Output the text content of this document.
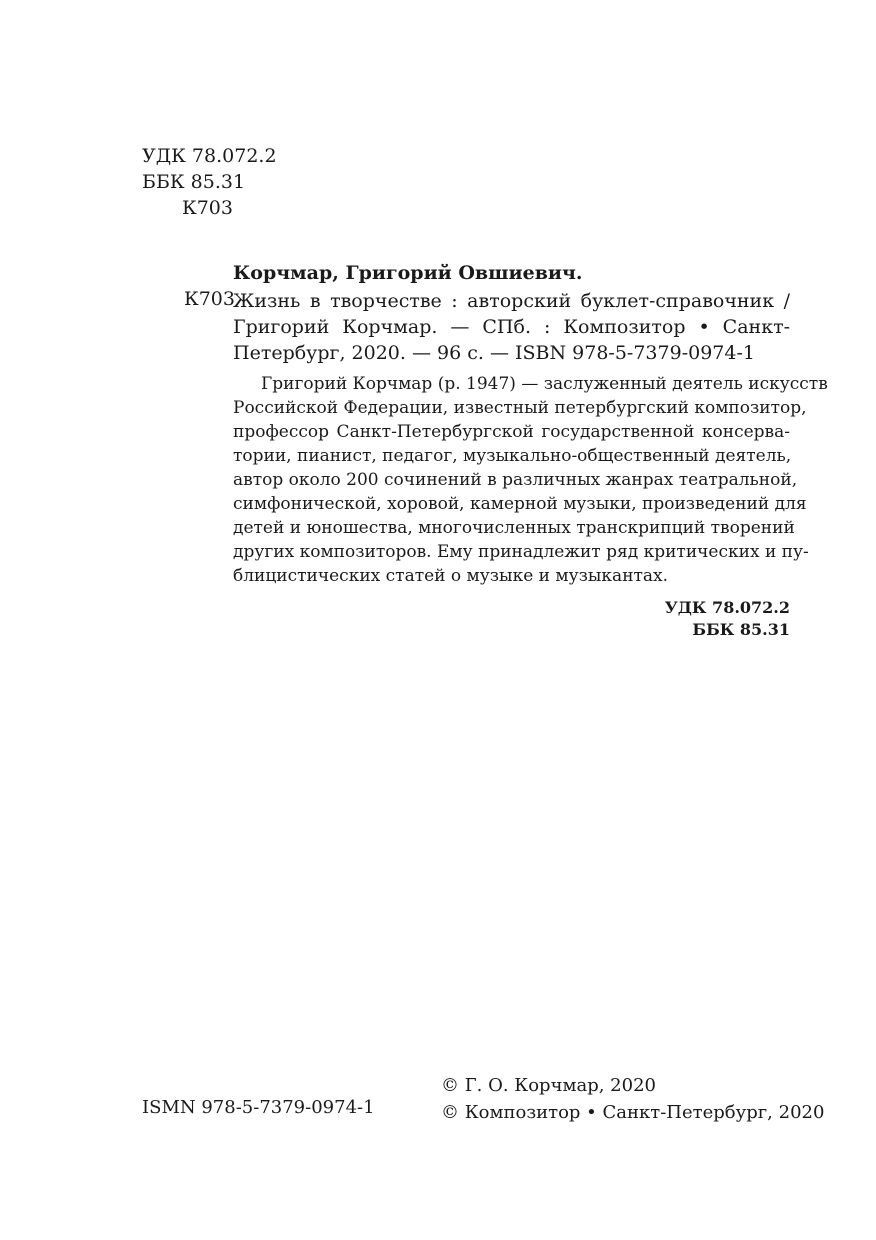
УДК 78.072.2
ББК 85.31
К703
Корчмар, Григорий Овшиевич.
К703
Жизнь в творчестве : авторский буклет-справочник /
Григорий Корчмар. — СПб. : Композитор • Санкт-
Петербург, 2020. — 96 с. — ISBN 978-5-7379-0974-1
Григорий Корчмар (р. 1947) — заслуженный деятель искусств
Российской Федерации, известный петербургский композитор,
профессор Санкт-Петербургской государственной консерва-
тории, пианист, педагог, музыкально-общественный деятель,
автор около 200 сочинений в различных жанрах театральной,
симфонической, хоровой, камерной музыки, произведений для
детей и юношества, многочисленных транскрипций творений
других композиторов. Ему принадлежит ряд критических и пу-
блицистических статей о музыке и музыкантах.
УДК 78.072.2
ББК 85.31
ISMN 978-5-7379-0974-1
© Г. О. Корчмар, 2020
© Композитор • Санкт-Петербург, 2020
